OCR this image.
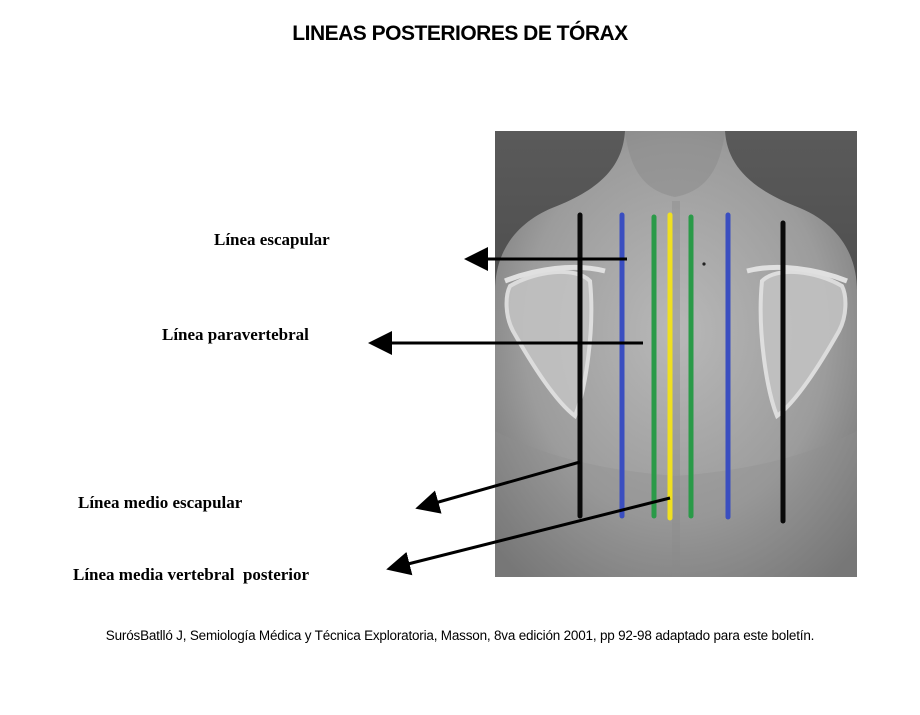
LINEAS POSTERIORES DE TÓRAX
Línea escapular
Línea paravertebral
Línea medio escapular
Línea media vertebral  posterior
SurósBatlló J, Semiología Médica y Técnica Exploratoria, Masson, 8va edición 2001, pp 92-98 adaptado para este boletín.
